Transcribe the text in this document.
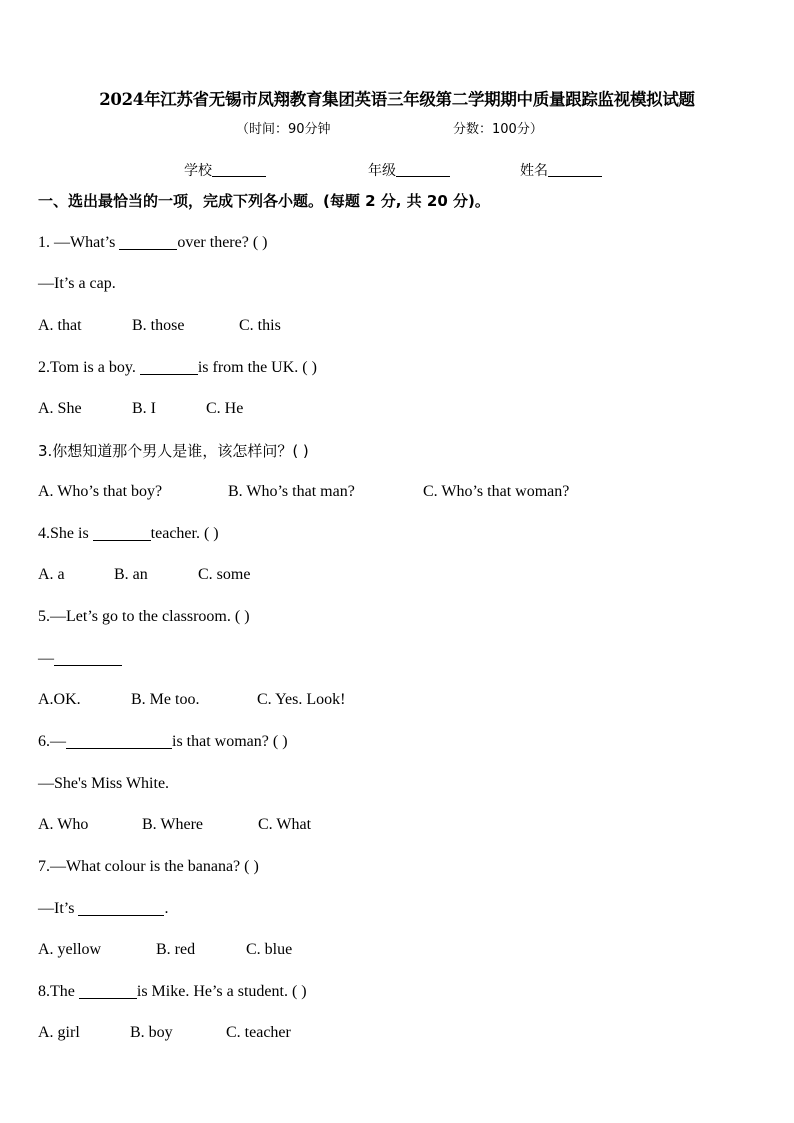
2024年江苏省无锡市凤翔教育集团英语三年级第二学期期中质量跟踪监视模拟试题
（时间：90分钟	分数：100分）
学校	年级	姓名
一、选出最恰当的一项，完成下列各小题。(每题 2 分, 共 20 分)。
1. —What’s	over there? ( )
—It’s a cap.
A. that	B. those	C. this
2.Tom is a boy.	is from the UK. ( )
A. She	B. I	C. He
3.你想知道那个男人是谁，该怎样问？( )
A. Who’s that boy?	B. Who’s that man?	C. Who’s that woman?
4.She is	teacher. ( )
A. a	B. an	C. some
5.—Let’s go to the classroom. ( )
—
A.OK.	B. Me too.	C. Yes. Look!
6.—	is that woman? ( )
—She's Miss White.
A. Who	B. Where	C. What
7.—What colour is the banana? ( )
—It’s	.
A. yellow	B. red	C. blue
8.The	is Mike. He’s a student. ( )
A. girl	B. boy	C. teacher
